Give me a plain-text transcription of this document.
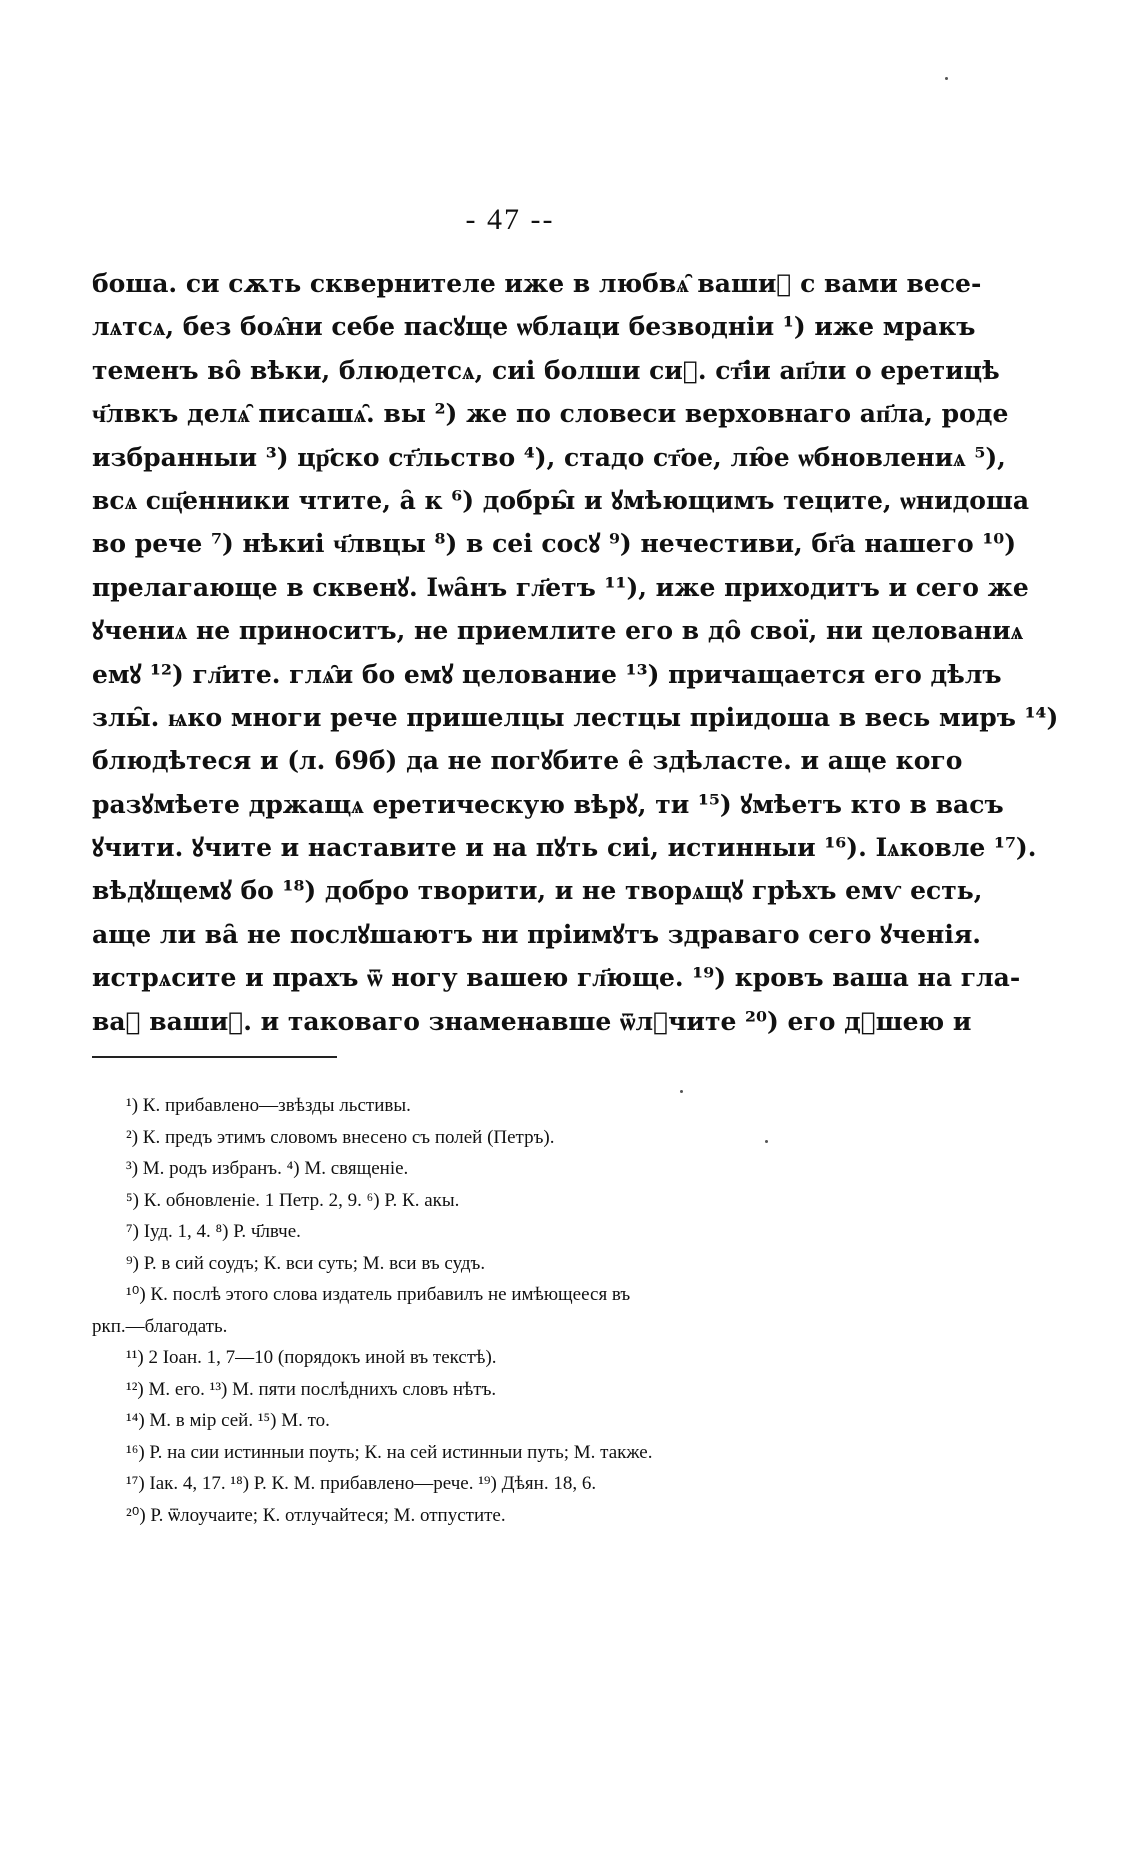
- 47 --
боша. си сѫть сквернителе иже в любвѧ̑ вашиⷯ с вами весе-
лѧтсѧ, без боѧ̑ни себе пасꙋще ѡблаци безводніи ¹) иже мракъ
теменъ во̑ вѣки, блюдетсѧ, сиі болши сиⷯ. ст҃іи ап҃ли о еретицѣ
ч҃лвкъ делѧ̑ писашѧ̑. вы ²) же по словеси верховнаго ап҃ла, роде
избранныи ³) цр҃ско ст҃льство ⁴), стадо ст҃ое, лю̑е ѡбновлениѧ ⁵),
всѧ сщ҃енники чтите, а̑ к ⁶) добры̑ и ꙋмѣющимъ теците, ѡнидоша
во рече ⁷) нѣкиі ч҃лвцы ⁸) в сеі сосꙋ ⁹) нечестиви, бг҃а нашего ¹⁰)
прелагающе в сквенꙋ. Іѡа̑нъ гл҃етъ ¹¹), иже приходитъ и сего же
ꙋчениѧ не приноситъ, не приемлите его в до̑ свої, ни целованиѧ
емꙋ ¹²) гл҃ите. глѧ̑и бо емꙋ целование ¹³) причащается его дѣлъ
злы̑. ѩко многи рече пришелцы лестцы пріидоша в весь миръ ¹⁴)
блюдѣтеся и (л. 69б) да не погꙋбите е̑ здѣласте. и аще кого
разꙋмѣете држащѧ еретическую вѣрꙋ, ти ¹⁵) ꙋмѣетъ кто в васъ
ꙋчити. ꙋчите и наставите и на пꙋть сиі, истинныи ¹⁶). Іѧковле ¹⁷).
вѣдꙋщемꙋ бо ¹⁸) добро творити, и не творѧщꙋ грѣхъ емѵ есть,
аще ли ва̑ не послꙋшаютъ ни пріимꙋтъ здраваго сего ꙋченія.
истрѧсите и прахъ ѿ ногу вашею гл҃юще. ¹⁹) кровъ ваша на гла-
ваⷯ вашиⷯ. и таковаго знаменавше ѿлꙋчите ²⁰) его дꙋшею и
¹) К. прибавлено—звѣзды льстивы.
²) К. предъ этимъ словомъ внесено съ полей (Петръ).
³) М. родъ избранъ. ⁴) М. священіе.
⁵) К. обновленіе. 1 Петр. 2, 9. ⁶) Р. К. акы.
⁷) Іуд. 1, 4. ⁸) Р. ч҃лвче.
⁹) Р. в сий соудъ; К. вси суть; М. вси въ судъ.
¹⁰) К. послѣ этого слова издатель прибавилъ не имѣющееся въ
ркп.—благодать.
¹¹) 2 Іоан. 1, 7—10 (порядокъ иной въ текстѣ).
¹²) М. его. ¹³) М. пяти послѣднихъ словъ нѣтъ.
¹⁴) М. в мір сей. ¹⁵) М. то.
¹⁶) Р. на сии истинныи поуть; К. на сей истинныи путь; М. также.
¹⁷) Іак. 4, 17. ¹⁸) Р. К. М. прибавлено—рече. ¹⁹) Дѣян. 18, 6.
²⁰) Р. ѿлоучаите; К. отлучайтеся; М. отпустите.
